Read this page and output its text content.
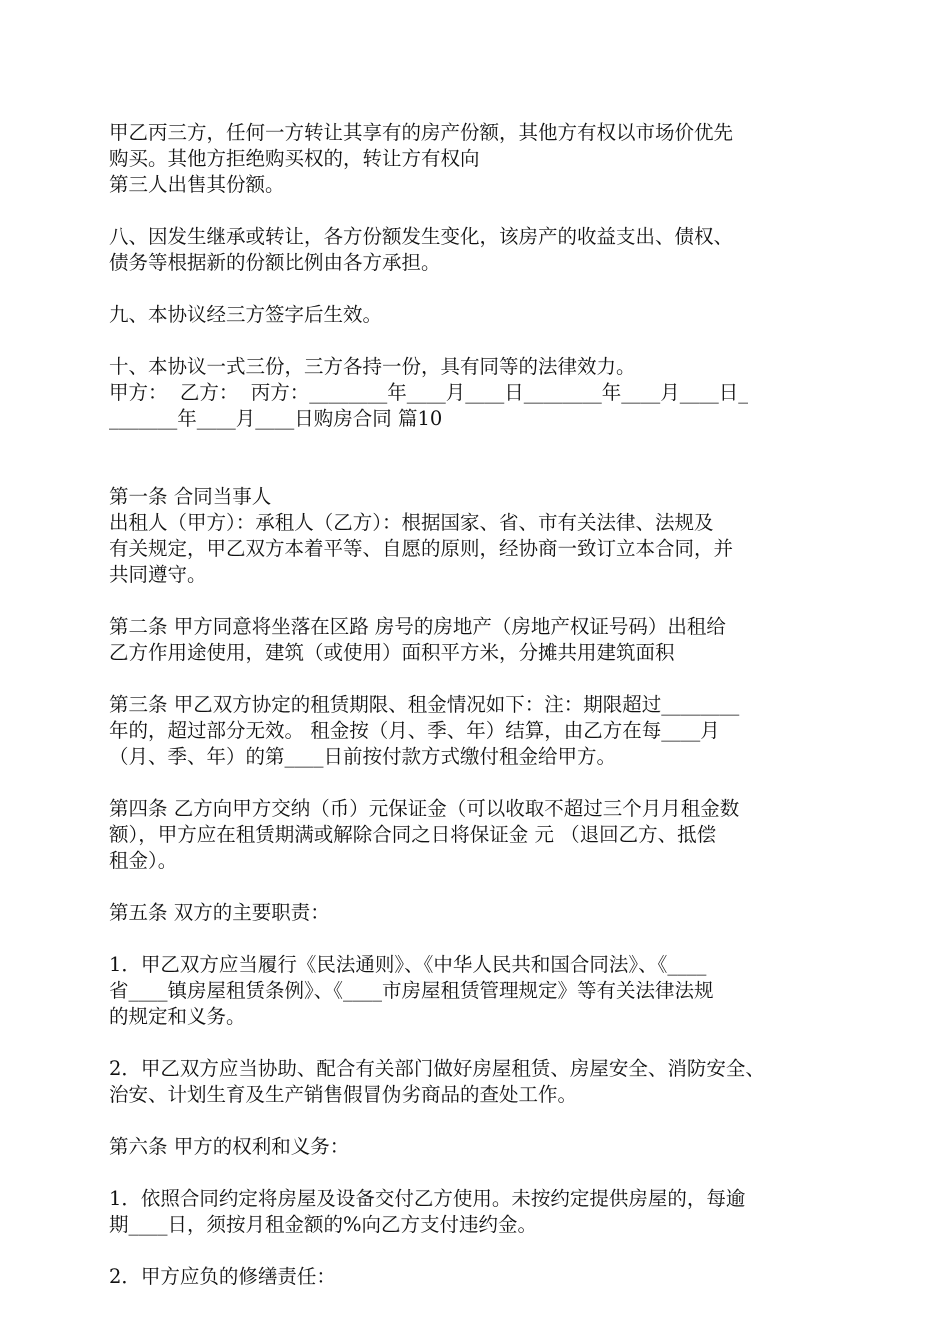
甲乙丙三方，任何一方转让其享有的房产份额，其他方有权以市场价优先
购买。其他方拒绝购买权的，转让方有权向
第三人出售其份额。
八、因发生继承或转让，各方份额发生变化，该房产的收益支出、债权、
债务等根据新的份额比例由各方承担。
九、本协议经三方签字后生效。
十、本协议一式三份，三方各持一份，具有同等的法律效力。
甲方：  乙方：  丙方：________年____月____日________年____月____日_
_______年____月____日购房合同 篇10
第一条 合同当事人
出租人（甲方）：承租人（乙方）：根据国家、省、市有关法律、法规及
有关规定，甲乙双方本着平等、自愿的原则，经协商一致订立本合同，并
共同遵守。
第二条 甲方同意将坐落在区路 房号的房地产（房地产权证号码）出租给
乙方作用途使用，建筑（或使用）面积平方米，分摊共用建筑面积
第三条 甲乙双方协定的租赁期限、租金情况如下：注：期限超过________
年的，超过部分无效。 租金按（月、季、年）结算，由乙方在每____月
（月、季、年）的第____日前按付款方式缴付租金给甲方。
第四条 乙方向甲方交纳（币）元保证金（可以收取不超过三个月月租金数
额），甲方应在租赁期满或解除合同之日将保证金 元 （退回乙方、抵偿
租金）。
第五条 双方的主要职责：
1．甲乙双方应当履行《民法通则》、《中华人民共和国合同法》、《____
省____镇房屋租赁条例》、《____市房屋租赁管理规定》等有关法律法规
的规定和义务。
2．甲乙双方应当协助、配合有关部门做好房屋租赁、房屋安全、消防安全、
治安、计划生育及生产销售假冒伪劣商品的查处工作。
第六条 甲方的权利和义务：
1．依照合同约定将房屋及设备交付乙方使用。未按约定提供房屋的，每逾
期____日，须按月租金额的%向乙方支付违约金。
2．甲方应负的修缮责任：
